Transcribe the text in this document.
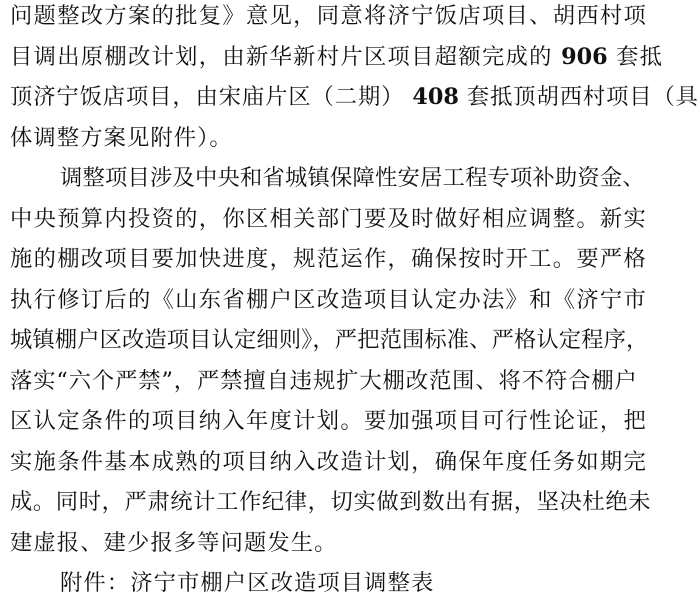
问题整改方案的批复》意见，同意将济宁饭店项目、胡西村项
目调出原棚改计划，由新华新村片区项目超额完成的 906 套抵
顶济宁饭店项目，由宋庙片区（二期） 408 套抵顶胡西村项目（具
体调整方案见附件）。
调整项目涉及中央和省城镇保障性安居工程专项补助资金、
中央预算内投资的，你区相关部门要及时做好相应调整。新实
施的棚改项目要加快进度，规范运作，确保按时开工。要严格
执行修订后的《山东省棚户区改造项目认定办法》和《济宁市
城镇棚户区改造项目认定细则》，严把范围标准、严格认定程序，
落实“六个严禁”，严禁擅自违规扩大棚改范围、将不符合棚户
区认定条件的项目纳入年度计划。要加强项目可行性论证，把
实施条件基本成熟的项目纳入改造计划，确保年度任务如期完
成。同时，严肃统计工作纪律，切实做到数出有据，坚决杜绝未
建虚报、建少报多等问题发生。
附件：济宁市棚户区改造项目调整表
